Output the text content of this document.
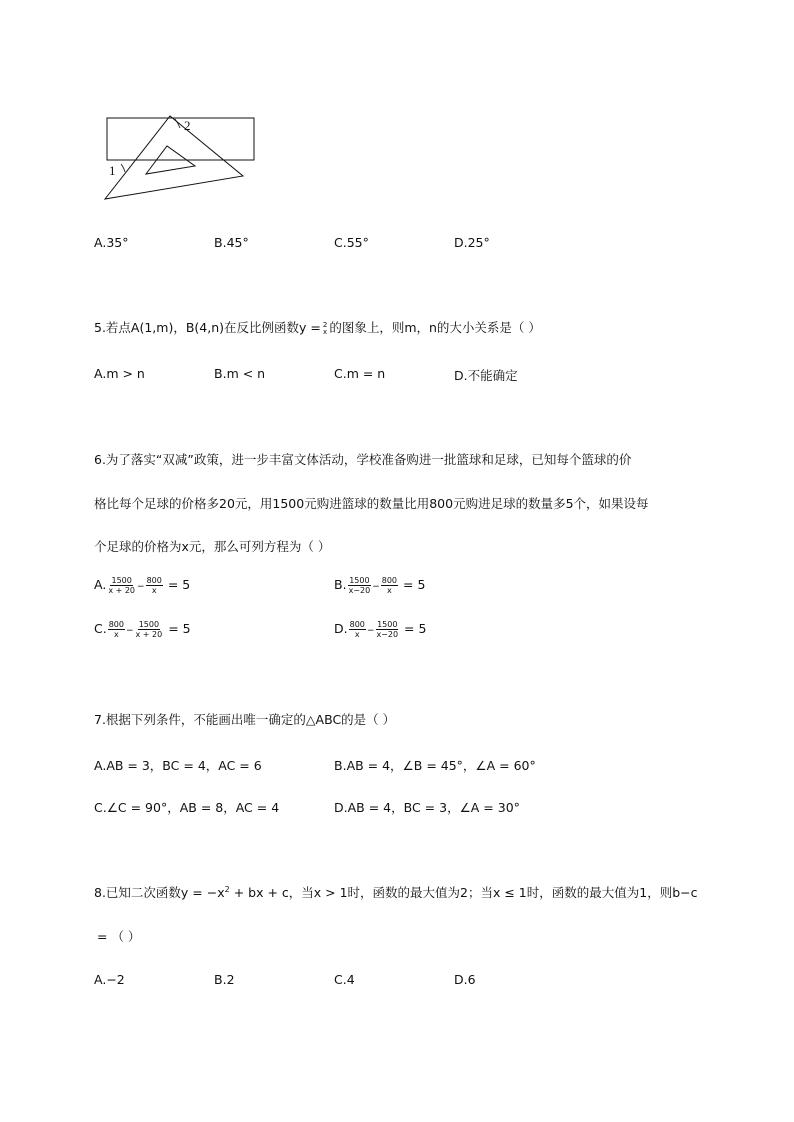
1
2
A.35°	B.45°	C.55°	D.25°
5.若点A(1,m)，B(4,n)在反比例函数y = 2
x 的图象上，则m，n的大小关系是（ ）
A.m > n	B.m < n	C.m = n	D.不能确定
6.为了落实“双减”政策，进一步丰富文体活动，学校准备购进一批篮球和足球，已知每个篮球的价
格比每个足球的价格多20元，用1500元购进篮球的数量比用800元购进足球的数量多5个，如果设每
个足球的价格为x元，那么可列方程为（ ）
A. $\frac{1500}{x + 20} - \frac{800}{x} = 5$	B. $\frac{1500}{x-20} - \frac{800}{x} = 5$
C. $\frac{800}{x} - \frac{1500}{x + 20} = 5$	D. $\frac{800}{x} - \frac{1500}{x-20} = 5$
7.根据下列条件，不能画出唯一确定的△ABC的是（ ）
A.AB = 3，BC = 4，AC = 6	B.AB = 4，∠B = 45°，∠A = 60°
C.∠C = 90°，AB = 8，AC = 4	D.AB = 4，BC = 3，∠A = 30°
8.已知二次函数$y = -x^2$ + bx + c，当x > 1时，函数的最大值为2；当x ≤ 1时，函数的最大值为1，则b−c
= （ ）
A.−2	B.2	C.4	D.6
